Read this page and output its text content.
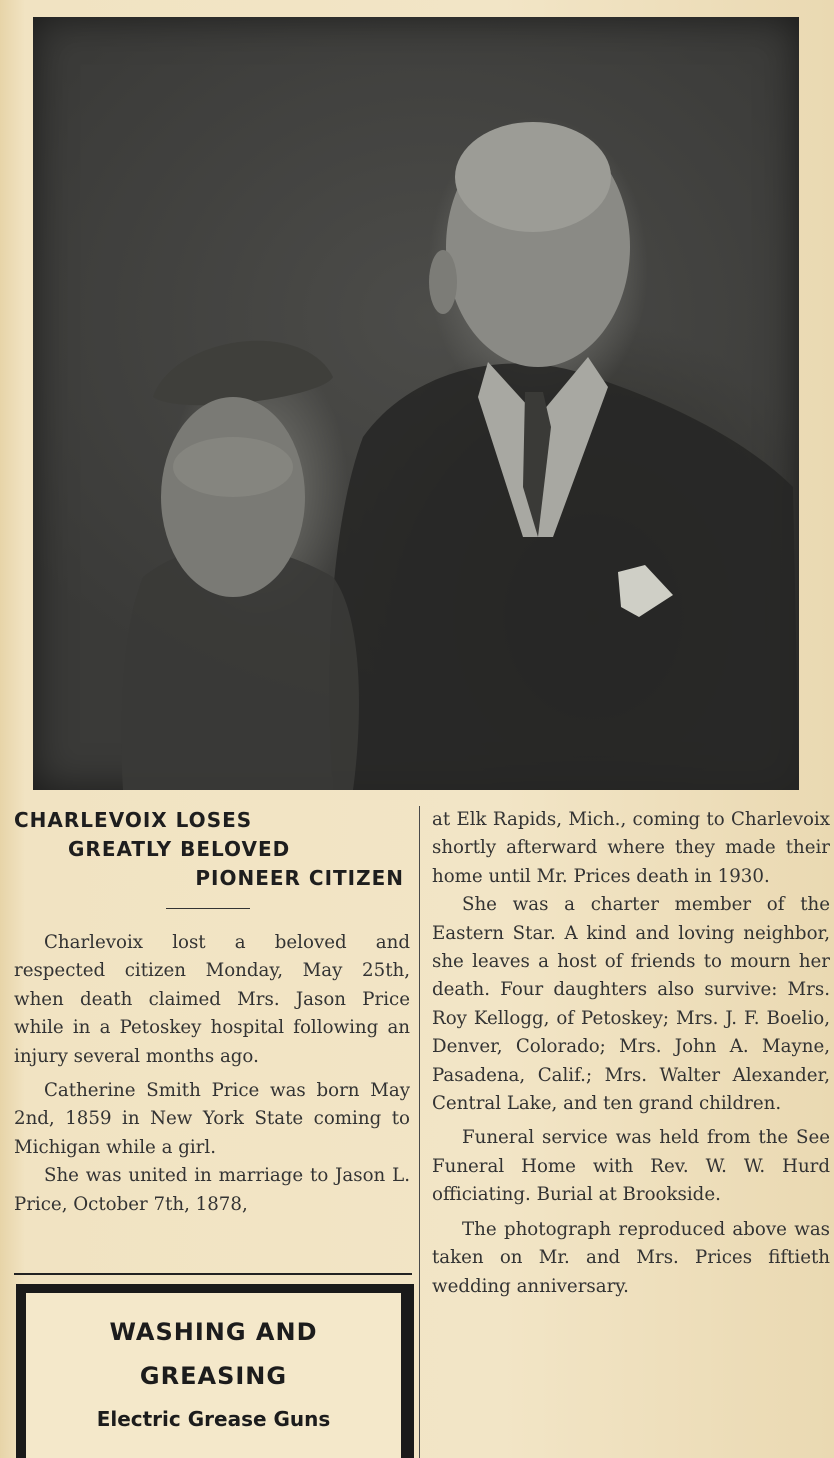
CHARLEVOIX LOSES

GREATLY BELOVED

PIONEER CITIZEN

Charlevoix lost a beloved and respected citizen Monday, May 25th, when death claimed Mrs. Jason Price while in a Petoskey hospital following an injury several months ago.

Catherine Smith Price was born May 2nd, 1859 in New York State coming to Michigan while a girl.

She was united in marriage to Jason L. Price, October 7th, 1878,

at Elk Rapids, Mich., coming to Charlevoix shortly afterward where they made their home until Mr. Prices death in 1930.

She was a charter member of the Eastern Star. A kind and loving neighbor, she leaves a host of friends to mourn her death. Four daughters also survive: Mrs. Roy Kellogg, of Petoskey; Mrs. J. F. Boelio, Denver, Colorado; Mrs. John A. Mayne, Pasadena, Calif.; Mrs. Walter Alexander, Central Lake, and ten grand children.

Funeral service was held from the See Funeral Home with Rev. W. W. Hurd officiating. Burial at Brookside.

The photograph reproduced above was taken on Mr. and Mrs. Prices fiftieth wedding anniversary.

WASHING AND
GREASING
Electric Grease Guns
